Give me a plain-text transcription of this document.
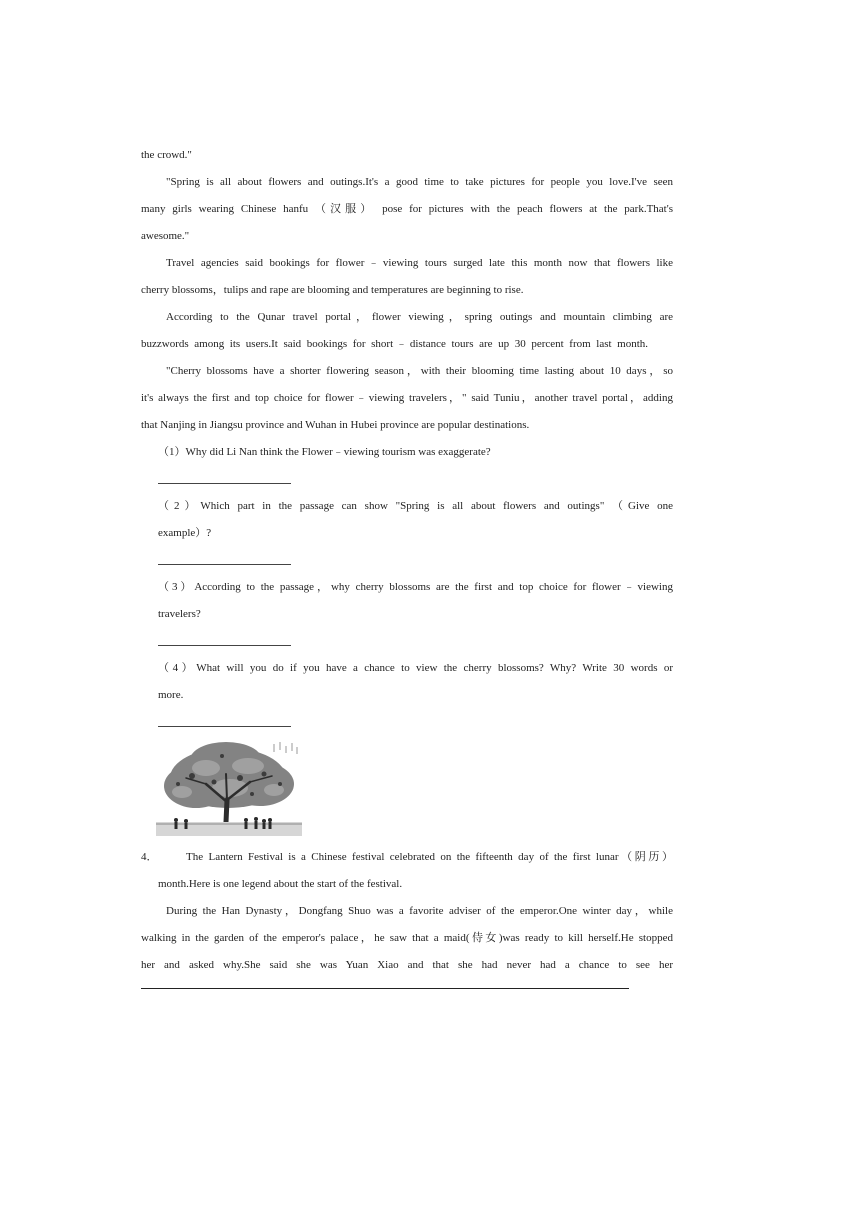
the crowd."
"Spring is all about flowers and outings.It's a good time to take pictures for people you love.I've seen
many girls wearing Chinese hanfu （汉服） pose for pictures with the peach flowers at the park.That's
awesome."
Travel agencies said bookings for flower﹣viewing tours surged late this month now that flowers like
cherry blossoms，tulips and rape are blooming and temperatures are beginning to rise.
According to the Qunar travel portal，flower viewing，spring outings and mountain climbing are
buzzwords among its users.It said bookings for short﹣distance tours are up 30 percent from last month.
"Cherry blossoms have a shorter flowering season，with their blooming time lasting about 10 days，so
it's always the first and top choice for flower﹣viewing travelers，" said Tuniu，another travel portal，adding
that Nanjing in Jiangsu province and Wuhan in Hubei province are popular destinations.
（1）Why did Li Nan think the Flower﹣viewing tourism was exaggerate?
（2）Which part in the passage can show "Spring is all about flowers and outings" （Give one
example）?
（3）According to the passage，why cherry blossoms are the first and top choice for flower﹣viewing
travelers?
（4）What will you do if you have a chance to view the cherry blossoms? Why? Write 30 words or
more.
4．	The Lantern Festival is a Chinese festival celebrated on the fifteenth day of the first lunar（阴历）
month.Here is one legend about the start of the festival.
During the Han Dynasty，Dongfang Shuo was a favorite adviser of the emperor.One winter day，while
walking in the garden of the emperor's palace，he saw that a maid(侍女)was ready to kill herself.He stopped
her and asked why.She said she was Yuan Xiao and that she had never had a chance to see her
